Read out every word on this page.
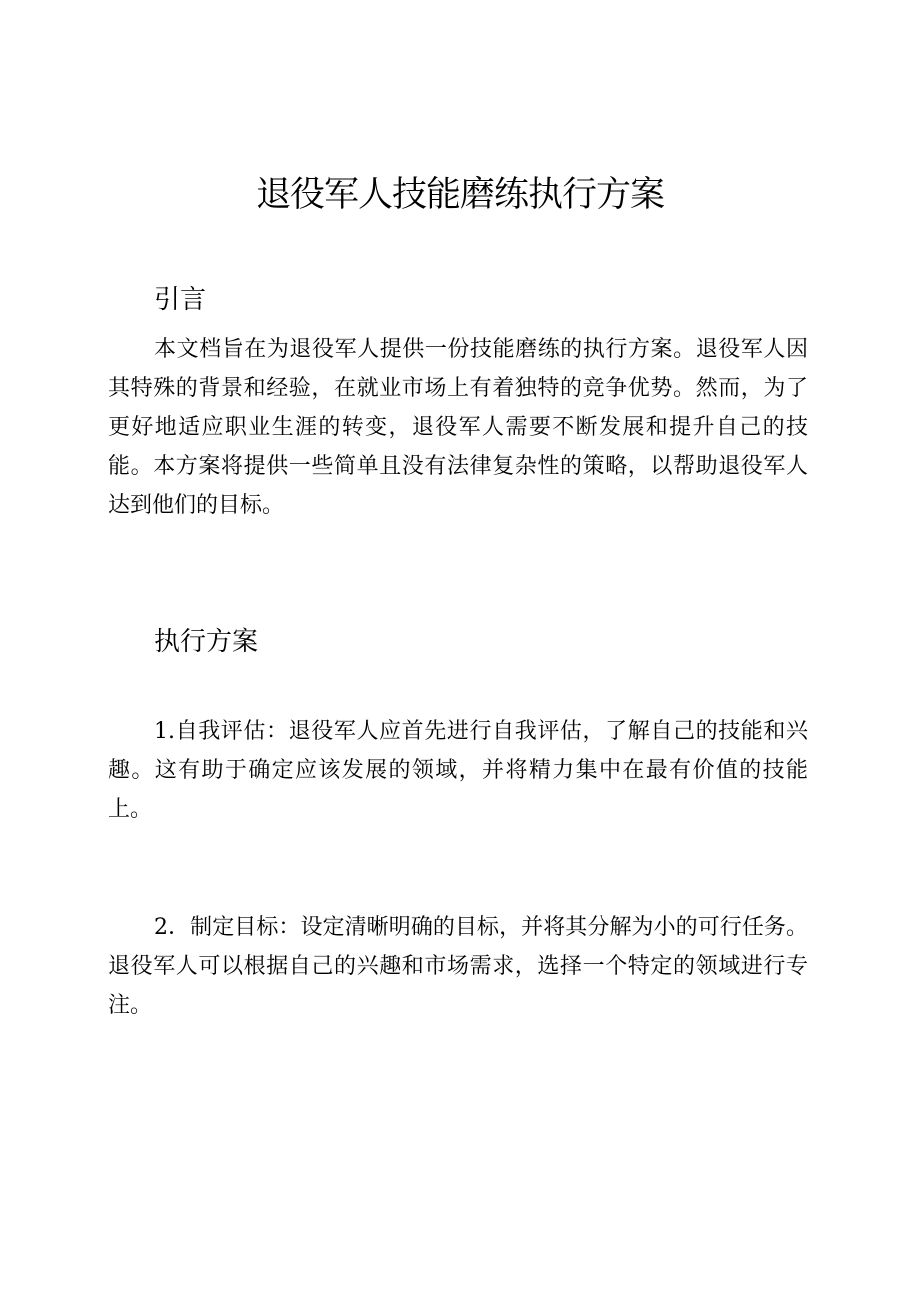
退役军人技能磨练执行方案
引言

本文档旨在为退役军人提供一份技能磨练的执行方案。退役军人因其特殊的背景和经验，在就业市场上有着独特的竞争优势。然而，为了更好地适应职业生涯的转变，退役军人需要不断发展和提升自己的技能。本方案将提供一些简单且没有法律复杂性的策略，以帮助退役军人达到他们的目标。

执行方案

1.自我评估：退役军人应首先进行自我评估，了解自己的技能和兴趣。这有助于确定应该发展的领域，并将精力集中在最有价值的技能上。

2．制定目标：设定清晰明确的目标，并将其分解为小的可行任务。退役军人可以根据自己的兴趣和市场需求，选择一个特定的领域进行专注。
